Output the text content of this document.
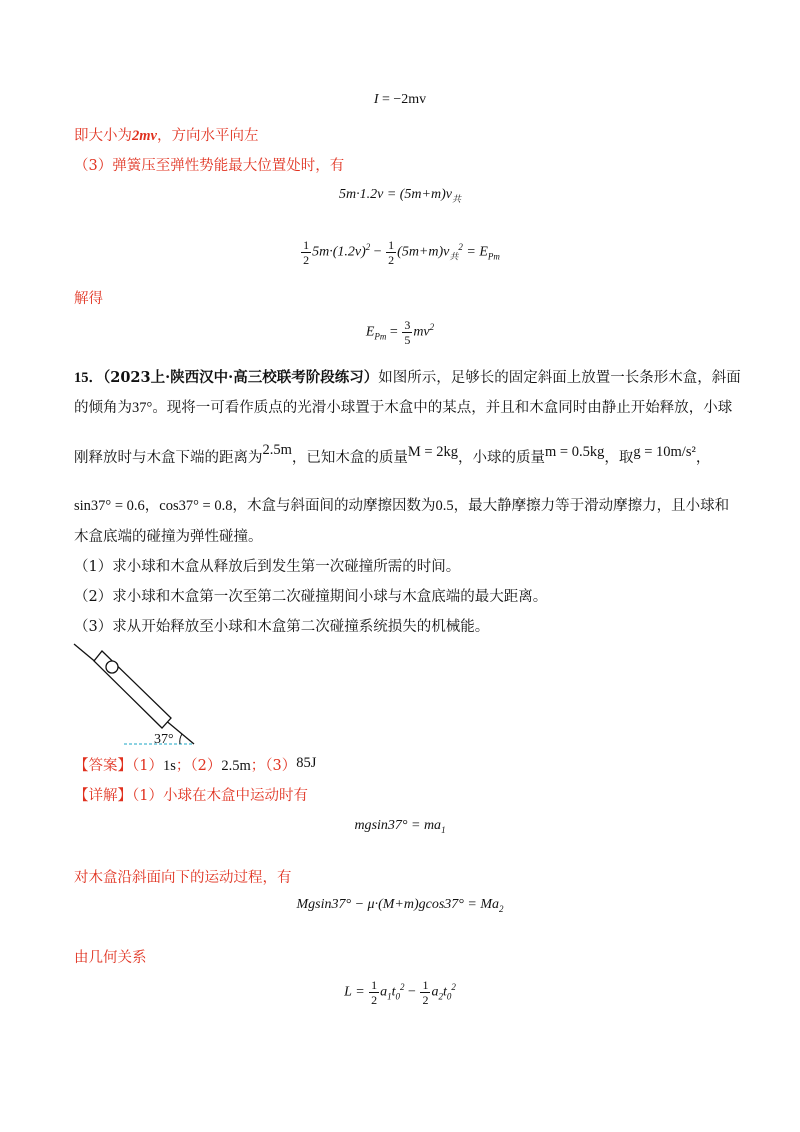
I = −2mv
即大小为2mv，方向水平向左
（3）弹簧压至弹性势能最大位置处时，有
$5m\cdot 1.2v = (5m+m)v_共$
$\frac{1}{2} 5m\cdot(1.2v)^2 - \frac{1}{2} (5m+m)v_共^2 = E_{Pm}$
解得
$E_{Pm} = \frac{3}{5} mv^2$
15．（2023上·陕西汉中·高三校联考阶段练习）如图所示，足够长的固定斜面上放置一长条形木盒，斜面
的倾角为37°。现将一可看作质点的光滑小球置于木盒中的某点，并且和木盒同时由静止开始释放，小球
刚释放时与木盒下端的距离为2.5m，已知木盒的质量M = 2kg，小球的质量m = 0.5kg，取g = 10m/s²，
sin37° = 0.6，cos37° = 0.8，木盒与斜面间的动摩擦因数为0.5，最大静摩擦力等于滑动摩擦力，且小球和
木盒底端的碰撞为弹性碰撞。
（1）求小球和木盒从释放后到发生第一次碰撞所需的时间。
（2）求小球和木盒第一次至第二次碰撞期间小球与木盒底端的最大距离。
（3）求从开始释放至小球和木盒第二次碰撞系统损失的机械能。
37°
【答案】（1）1s；（2）2.5m；（3）85J
【详解】（1）小球在木盒中运动时有
$mgsin37^\circ = ma_1$
对木盒沿斜面向下的运动过程，有
$Mgsin37^\circ - \mu\cdot(M+m)gcos37^\circ = Ma_2$
由几何关系
$L = \frac{1}{2} a_1t_0^2 - \frac{1}{2} a_2t_0^2$
